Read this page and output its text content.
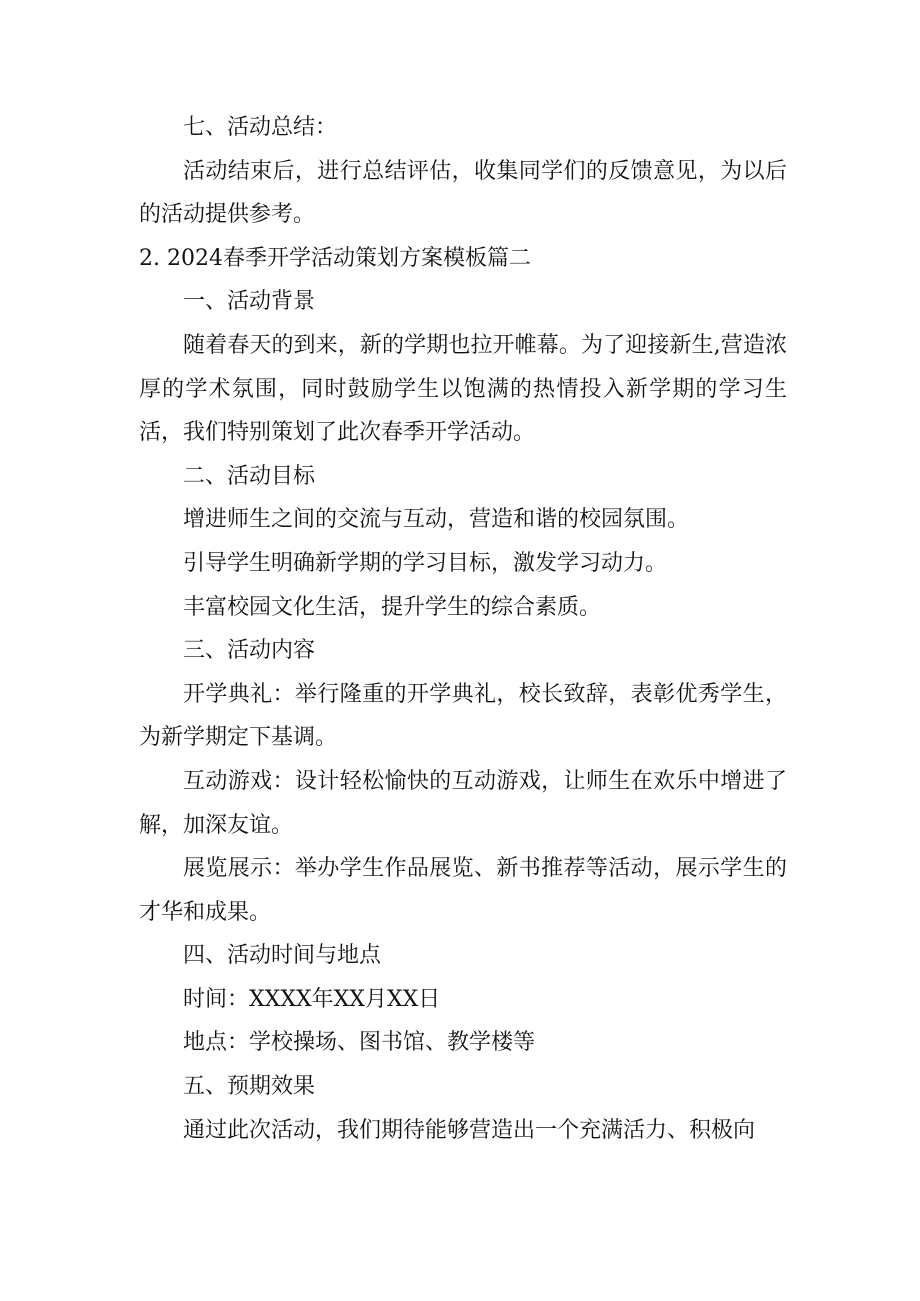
七、活动总结：

活动结束后，进行总结评估，收集同学们的反馈意见，为以后的活动提供参考。

2. 2024春季开学活动策划方案模板篇二

一、活动背景

随着春天的到来，新的学期也拉开帷幕。为了迎接新生,营造浓厚的学术氛围，同时鼓励学生以饱满的热情投入新学期的学习生活，我们特别策划了此次春季开学活动。

二、活动目标

增进师生之间的交流与互动，营造和谐的校园氛围。

引导学生明确新学期的学习目标，激发学习动力。

丰富校园文化生活，提升学生的综合素质。

三、活动内容

开学典礼：举行隆重的开学典礼，校长致辞，表彰优秀学生，为新学期定下基调。

互动游戏：设计轻松愉快的互动游戏，让师生在欢乐中增进了解，加深友谊。

展览展示：举办学生作品展览、新书推荐等活动，展示学生的才华和成果。

四、活动时间与地点

时间：XXXX年XX月XX日

地点：学校操场、图书馆、教学楼等

五、预期效果

通过此次活动，我们期待能够营造出一个充满活力、积极向
